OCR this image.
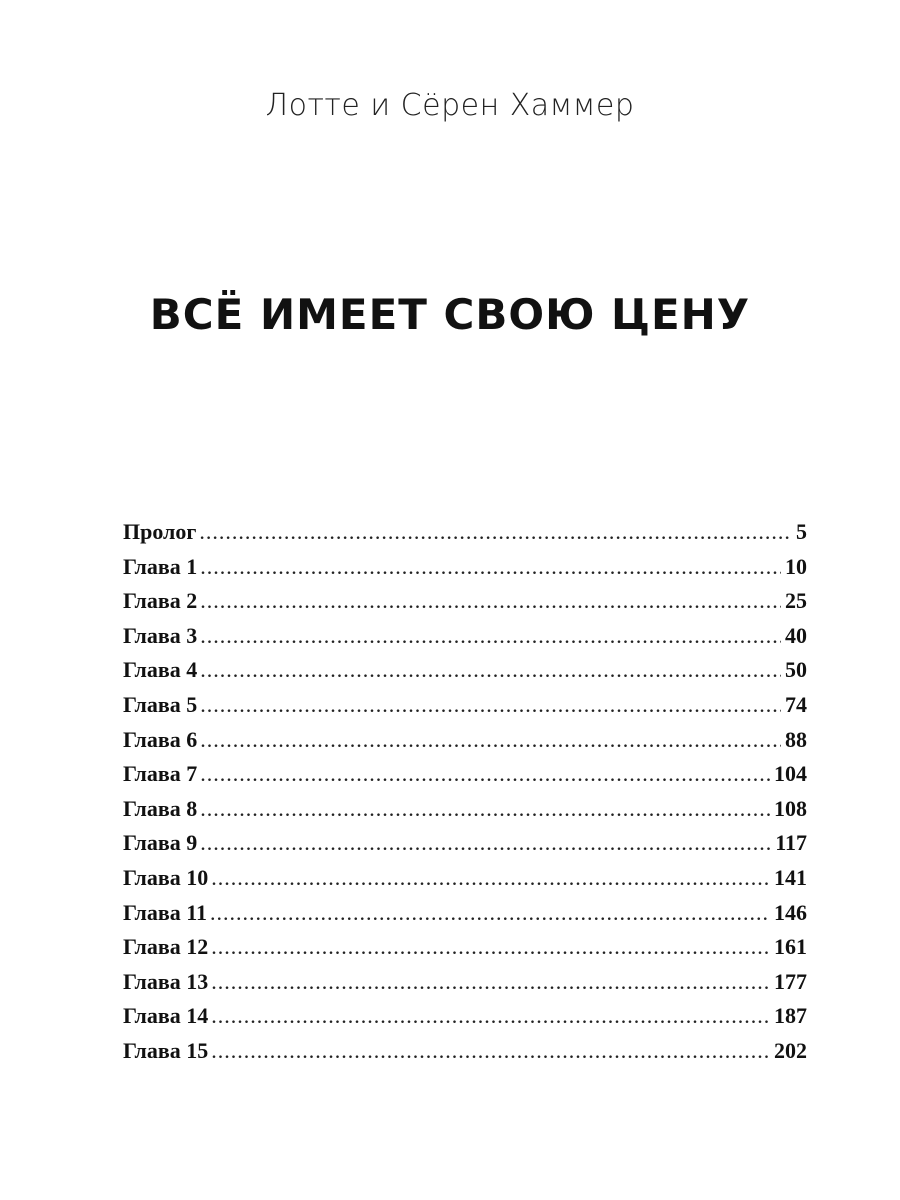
Лотте и Сёрен Хаммер
ВСЁ ИМЕЕТ СВОЮ ЦЕНУ
Пролог .....	5
Глава 1 .....	10
Глава 2 .....	25
Глава 3 .....	40
Глава 4 .....	50
Глава 5 .....	74
Глава 6 .....	88
Глава 7 .....	104
Глава 8 .....	108
Глава 9 .....	117
Глава 10 .....	141
Глава 11 .....	146
Глава 12 .....	161
Глава 13 .....	177
Глава 14 .....	187
Глава 15 .....	202
